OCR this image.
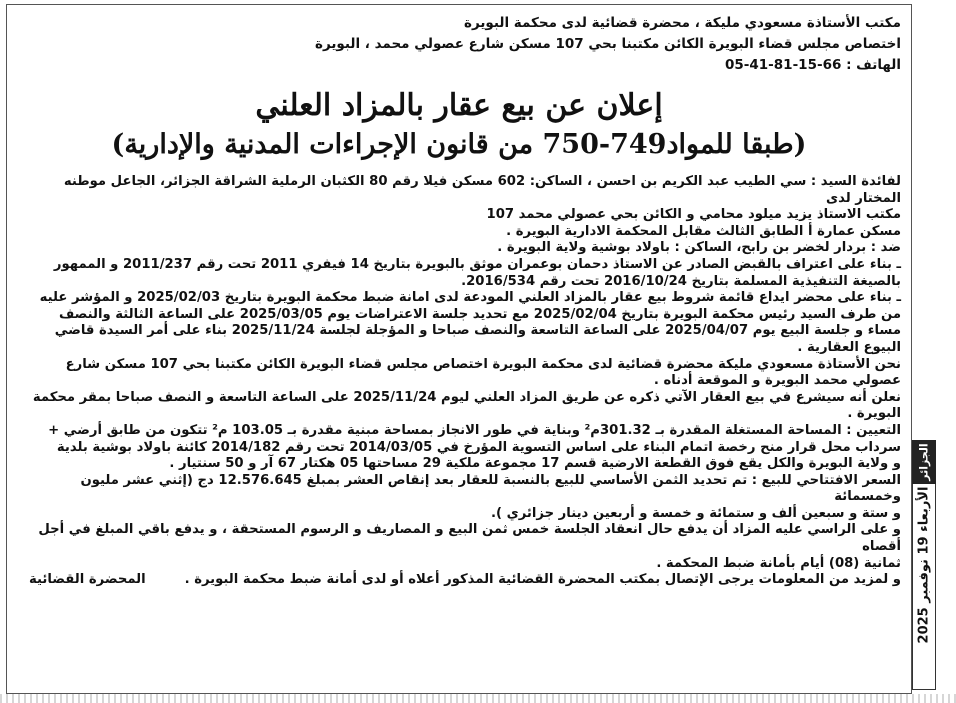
مكتب الأستاذة مسعودي مليكة ، محضرة قضائية لدى محكمة البويرة

اختصاص مجلس قضاء البويرة الكائن مكتبنا بحي 107 مسكن شارع عصولي محمد ، البويرة

الهاتف : 66-15-81-41-05

إعلان عن بيع عقار بالمزاد العلني
(طبقا للمواد749-750 من قانون الإجراءات المدنية والإدارية)

لفائدة السيد : سي الطيب عبد الكريم بن احسن ، الساكن: 602 مسكن فيلا رقم 80 الكثبان الرملية الشراقة الجزائر، الجاعل موطنه المختار لدى

مكتب الاستاذ يزيد ميلود محامي و الكائن بحي عصولي محمد 107

مسكن عمارة أ الطابق الثالث مقابل المحكمة الادارية البويرة .

ضد : بردار لخضر بن رابح، الساكن : باولاد بوشية ولاية البويرة .

ـ بناء على اعتراف بالقبض الصادر عن الاستاذ دحمان بوعمران موثق بالبويرة بتاريخ 14 فيفري 2011 تحت رقم 2011/237 و الممهور

بالصيغة التنفيذية المسلمة بتاريخ 2016/10/24 تحت رقم 2016/534.

ـ بناء على محضر ايداع قائمة شروط بيع عقار بالمزاد العلني المودعة لدى امانة ضبط محكمة البويرة بتاريخ 2025/02/03 و المؤشر عليه

من طرف السيد رئيس محكمة البويرة بتاريخ 2025/02/04 مع تحديد جلسة الاعتراضات يوم 2025/03/05 على الساعة الثالثة والنصف

مساء و جلسة البيع يوم 2025/04/07 على الساعة التاسعة والنصف صباحا و المؤجلة لجلسة 2025/11/24 بناء على أمر السيدة قاضي

البيوع العقارية .

نحن الأستاذة مسعودي مليكة محضرة قضائية لدى محكمة البويرة اختصاص مجلس قضاء البويرة الكائن مكتبنا بحي 107 مسكن شارع

عصولي محمد البويرة و الموقعة أدناه .

نعلن أنه سيشرع في بيع العقار الآتي ذكره عن طريق المزاد العلني ليوم 2025/11/24 على الساعة التاسعة و النصف صباحا بمقر محكمة

البويرة .

التعيين : المساحة المستغلة المقدرة بـ 301.32م² وبناية في طور الانجاز بمساحة مبنية مقدرة بـ 103.05 م² تتكون من طابق أرضي +

سرداب محل قرار منح رخصة اتمام البناء على اساس التسوية المؤرخ في 2014/03/05 تحت رقم 2014/182 كائنة باولاد بوشية بلدية

و ولاية البويرة والكل يقع فوق القطعة الارضية قسم 17 مجموعة ملكية 29 مساحتها 05 هكتار 67 آر و 50 سنتيار .

السعر الافتتاحي للبيع : تم تحديد الثمن الأساسي للبيع بالنسبة للعقار بعد إنقاص العشر بمبلغ 12.576.645 دج (إثني عشر مليون وخمسمائة

و ستة و سبعين ألف و ستمائة و خمسة و أربعين دينار جزائري ).

و على الراسي عليه المزاد أن يدفع حال انعقاد الجلسة خمس ثمن البيع و المصاريف و الرسوم المستحقة ، و يدفع باقي المبلغ في أجل أقصاه

ثمانية (08) أيام بأمانة ضبط المحكمة .

و لمزيد من المعلومات يرجى الإتصال بمكتب المحضرة القضائية المذكور أعلاه أو لدى أمانة ضبط محكمة البويرة .
المحضرة القضائية
الأربعاء 19 نوفمبر 2025
الجزائر
